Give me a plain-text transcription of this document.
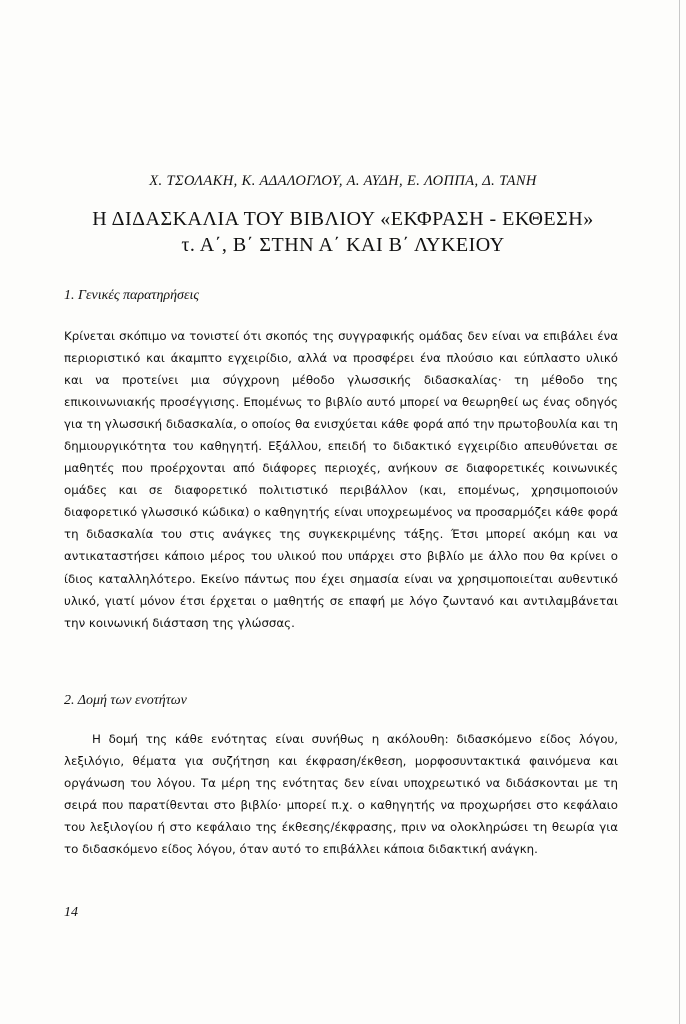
Χ. ΤΣΟΛΑΚΗ, Κ. ΑΔΑΛΟΓΛΟΥ, Α. ΑΥΔΗ, Ε. ΛΟΠΠΑ, Δ. ΤΑΝΗ
Η ΔΙΔΑΣΚΑΛΙΑ ΤΟΥ ΒΙΒΛΙΟΥ «ΕΚΦΡΑΣΗ - ΕΚΘΕΣΗ»
τ. Α΄, Β΄ ΣΤΗΝ Α΄ ΚΑΙ Β΄ ΛΥΚΕΙΟΥ
1. Γενικές παρατηρήσεις

Κρίνεται σκόπιμο να τονιστεί ότι σκοπός της συγγραφικής ομάδας δεν είναι να επιβάλει ένα περιοριστικό και άκαμπτο εγχειρίδιο, αλλά να προσφέρει ένα πλούσιο και εύπλαστο υλικό και να προτείνει μια σύγχρονη μέθοδο γλωσσικής διδασκαλίας· τη μέθοδο της επικοινωνιακής προσέγγισης. Επομένως το βιβλίο αυτό μπορεί να θεωρηθεί ως ένας οδηγός για τη γλωσσική διδασκαλία, ο οποίος θα ενισχύεται κάθε φορά από την πρωτοβουλία και τη δημιουργικότητα του καθηγητή. Εξάλλου, επειδή το διδακτικό εγχειρίδιο απευθύνεται σε μαθητές που προέρχονται από διάφορες περιοχές, ανήκουν σε διαφορετικές κοινωνικές ομάδες και σε διαφορετικό πολιτιστικό περιβάλλον (και, επομένως, χρησιμοποιούν διαφορετικό γλωσσικό κώδικα) ο καθηγητής είναι υποχρεωμένος να προσαρμόζει κάθε φορά τη διδασκαλία του στις ανάγκες της συγκεκριμένης τάξης. Έτσι μπορεί ακόμη και να αντικαταστήσει κάποιο μέρος του υλικού που υπάρχει στο βιβλίο με άλλο που θα κρίνει ο ίδιος καταλληλότερο. Εκείνο πάντως που έχει σημασία είναι να χρησιμοποιείται αυθεντικό υλικό, γιατί μόνον έτσι έρχεται ο μαθητής σε επαφή με λόγο ζωντανό και αντιλαμβάνεται την κοινωνική διάσταση της γλώσσας.

2. Δομή των ενοτήτων

Η δομή της κάθε ενότητας είναι συνήθως η ακόλουθη: διδασκόμενο είδος λόγου, λεξιλόγιο, θέματα για συζήτηση και έκφραση/έκθεση, μορφοσυντακτικά φαινόμενα και οργάνωση του λόγου. Τα μέρη της ενότητας δεν είναι υποχρεωτικό να διδάσκονται με τη σειρά που παρατίθενται στο βιβλίο· μπορεί π.χ. ο καθηγητής να προχωρήσει στο κεφάλαιο του λεξιλογίου ή στο κεφάλαιο της έκθεσης/έκφρασης, πριν να ολοκληρώσει τη θεωρία για το διδασκόμενο είδος λόγου, όταν αυτό το επιβάλλει κάποια διδακτική ανάγκη.

14
